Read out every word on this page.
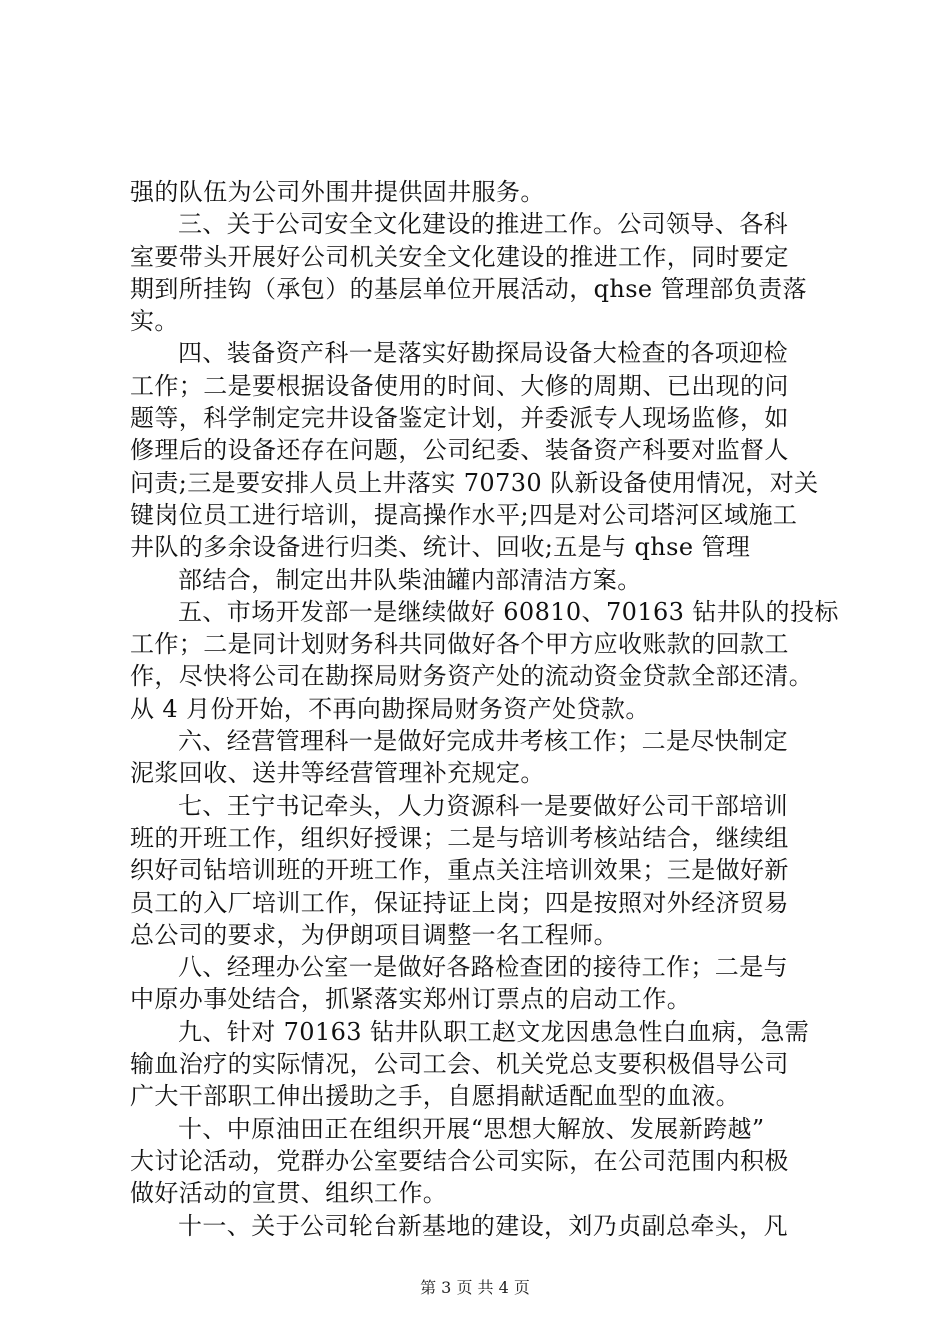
强的队伍为公司外围井提供固井服务。
三、关于公司安全文化建设的推进工作。公司领导、各科
室要带头开展好公司机关安全文化建设的推进工作，同时要定
期到所挂钩（承包）的基层单位开展活动，qhse 管理部负责落
实。
四、装备资产科一是落实好勘探局设备大检查的各项迎检
工作；二是要根据设备使用的时间、大修的周期、已出现的问
题等，科学制定完井设备鉴定计划，并委派专人现场监修，如
修理后的设备还存在问题，公司纪委、装备资产科要对监督人
问责;三是要安排人员上井落实 70730 队新设备使用情况，对关
键岗位员工进行培训，提高操作水平;四是对公司塔河区域施工
井队的多余设备进行归类、统计、回收;五是与 qhse 管理
部结合，制定出井队柴油罐内部清洁方案。
五、市场开发部一是继续做好 60810、70163 钻井队的投标
工作；二是同计划财务科共同做好各个甲方应收账款的回款工
作，尽快将公司在勘探局财务资产处的流动资金贷款全部还清。
从 4 月份开始，不再向勘探局财务资产处贷款。
六、经营管理科一是做好完成井考核工作；二是尽快制定
泥浆回收、送井等经营管理补充规定。
七、王宁书记牵头，人力资源科一是要做好公司干部培训
班的开班工作，组织好授课；二是与培训考核站结合，继续组
织好司钻培训班的开班工作，重点关注培训效果；三是做好新
员工的入厂培训工作，保证持证上岗；四是按照对外经济贸易
总公司的要求，为伊朗项目调整一名工程师。
八、经理办公室一是做好各路检查团的接待工作；二是与
中原办事处结合，抓紧落实郑州订票点的启动工作。
九、针对 70163 钻井队职工赵文龙因患急性白血病，急需
输血治疗的实际情况，公司工会、机关党总支要积极倡导公司
广大干部职工伸出援助之手，自愿捐献适配血型的血液。
十、中原油田正在组织开展“思想大解放、发展新跨越”
大讨论活动，党群办公室要结合公司实际，在公司范围内积极
做好活动的宣贯、组织工作。
十一、关于公司轮台新基地的建设，刘乃贞副总牵头，凡
第 3 页 共 4 页
